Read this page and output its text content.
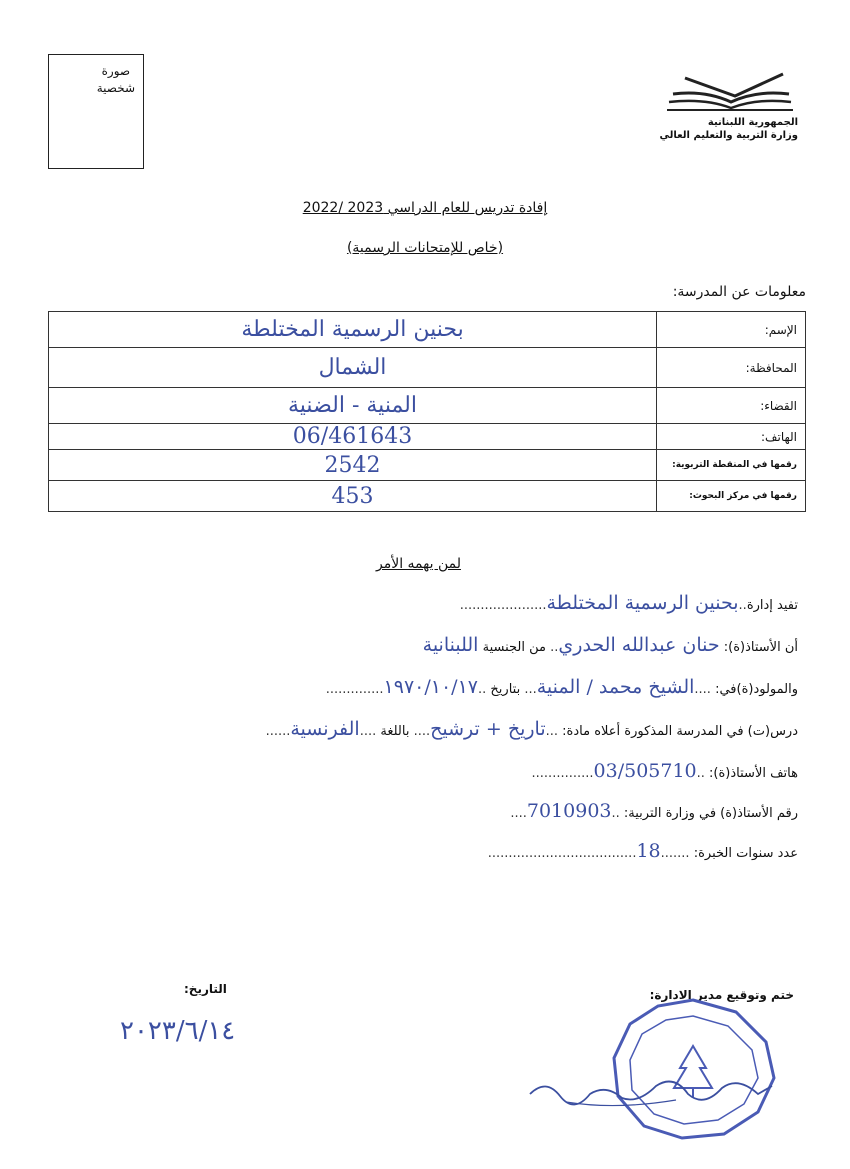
صورة
شخصية
الجمهورية اللبنانية
وزارة التربية والتعليم العالي
إفادة تدريس للعام الدراسي 2023 /2022
(خاص للإمتحانات الرسمية)
معلومات عن المدرسة:
الإسم:	بحنين الرسمية المختلطة
المحافظة:	الشمال
القضاء:	المنية - الضنية
الهاتف:	06/461643
رقمها في المنقطة التربوية:	2542
رقمها في مركز البحوث:	453
لمن يهمه الأمر
تفيد إدارة..بحنين الرسمية المختلطة.....................
أن الأستاذ(ة): حنان عبدالله الحدري.. من الجنسية اللبنانية
والمولود(ة)في: ....الشيخ محمد / المنية... بتاريخ ..١٩٧٠/١٠/١٧..............
درس(ت) في المدرسة المذكورة أعلاه مادة: ...تاريخ + ترشيح.... باللغة ....الفرنسية......
هاتف الأستاذ(ة): ..03/505710...............
رقم الأستاذ(ة) في وزارة التربية: ..7010903....
عدد سنوات الخبرة: .......18....................................
ختم وتوقيع مدير الادارة:
التاريخ:
٢٠٢٣/٦/١٤
